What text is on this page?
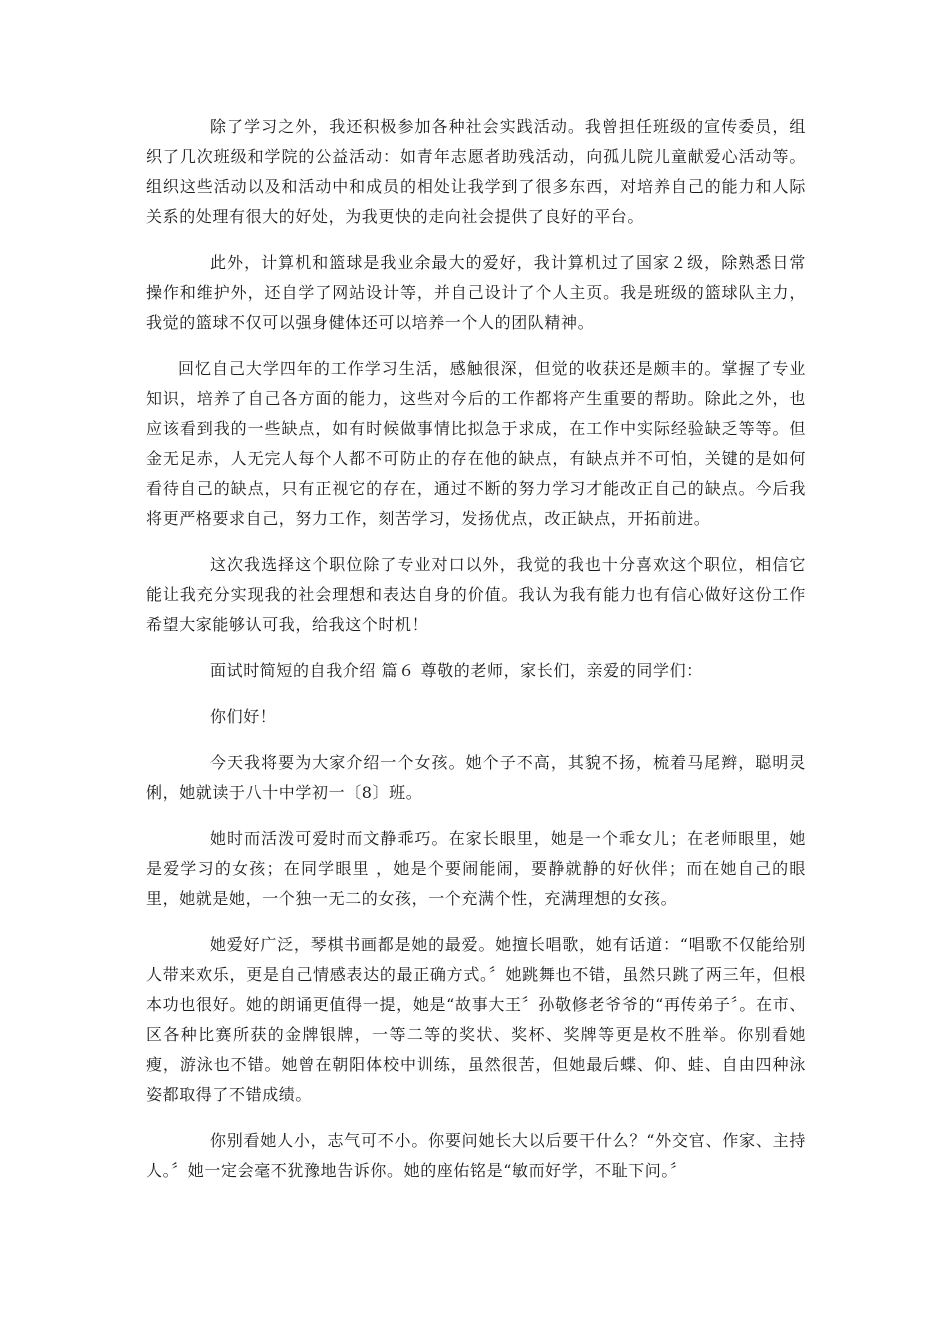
除了学习之外，我还积极参加各种社会实践活动。我曾担任班级的宣传委员，组织了几次班级和学院的公益活动：如青年志愿者助残活动，向孤儿院儿童献爱心活动等。组织这些活动以及和活动中和成员的相处让我学到了很多东西，对培养自己的能力和人际关系的处理有很大的好处，为我更快的走向社会提供了良好的平台。

此外，计算机和篮球是我业余最大的爱好，我计算机过了国家２级，除熟悉日常操作和维护外，还自学了网站设计等，并自己设计了个人主页。我是班级的篮球队主力，我觉的篮球不仅可以强身健体还可以培养一个人的团队精神。

回忆自己大学四年的工作学习生活，感触很深，但觉的收获还是颇丰的。掌握了专业知识，培养了自己各方面的能力，这些对今后的工作都将产生重要的帮助。除此之外，也应该看到我的一些缺点，如有时候做事情比拟急于求成，在工作中实际经验缺乏等等。但金无足赤，人无完人每个人都不可防止的存在他的缺点，有缺点并不可怕，关键的是如何看待自己的缺点，只有正视它的存在，通过不断的努力学习才能改正自己的缺点。今后我将更严格要求自己，努力工作，刻苦学习，发扬优点，改正缺点，开拓前进。

这次我选择这个职位除了专业对口以外，我觉的我也十分喜欢这个职位，相信它能让我充分实现我的社会理想和表达自身的价值。我认为我有能力也有信心做好这份工作希望大家能够认可我，给我这个时机！

面试时简短的自我介绍 篇６ 尊敬的老师，家长们，亲爱的同学们：

你们好！

今天我将要为大家介绍一个女孩。她个子不高，其貌不扬，梳着马尾辫，聪明灵俐，她就读于八十中学初一〔8〕班。

她时而活泼可爱时而文静乖巧。在家长眼里，她是一个乖女儿；在老师眼里，她是爱学习的女孩；在同学眼里 ，她是个要闹能闹，要静就静的好伙伴；而在她自己的眼里，她就是她，一个独一无二的女孩，一个充满个性，充满理想的女孩。

她爱好广泛，琴棋书画都是她的最爱。她擅长唱歌，她有话道：“唱歌不仅能给别人带来欢乐，更是自己情感表达的最正确方式。〞她跳舞也不错，虽然只跳了两三年，但根本功也很好。她的朗诵更值得一提，她是“故事大王〞孙敬修老爷爷的“再传弟子〞。在市、区各种比赛所获的金牌银牌，一等二等的奖状、奖杯、奖牌等更是枚不胜举。你别看她瘦，游泳也不错。她曾在朝阳体校中训练，虽然很苦，但她最后蝶、仰、蛙、自由四种泳姿都取得了不错成绩。

你别看她人小，志气可不小。你要问她长大以后要干什么？“外交官、作家、主持人。〞她一定会毫不犹豫地告诉你。她的座佑铭是“敏而好学，不耻下问。〞
